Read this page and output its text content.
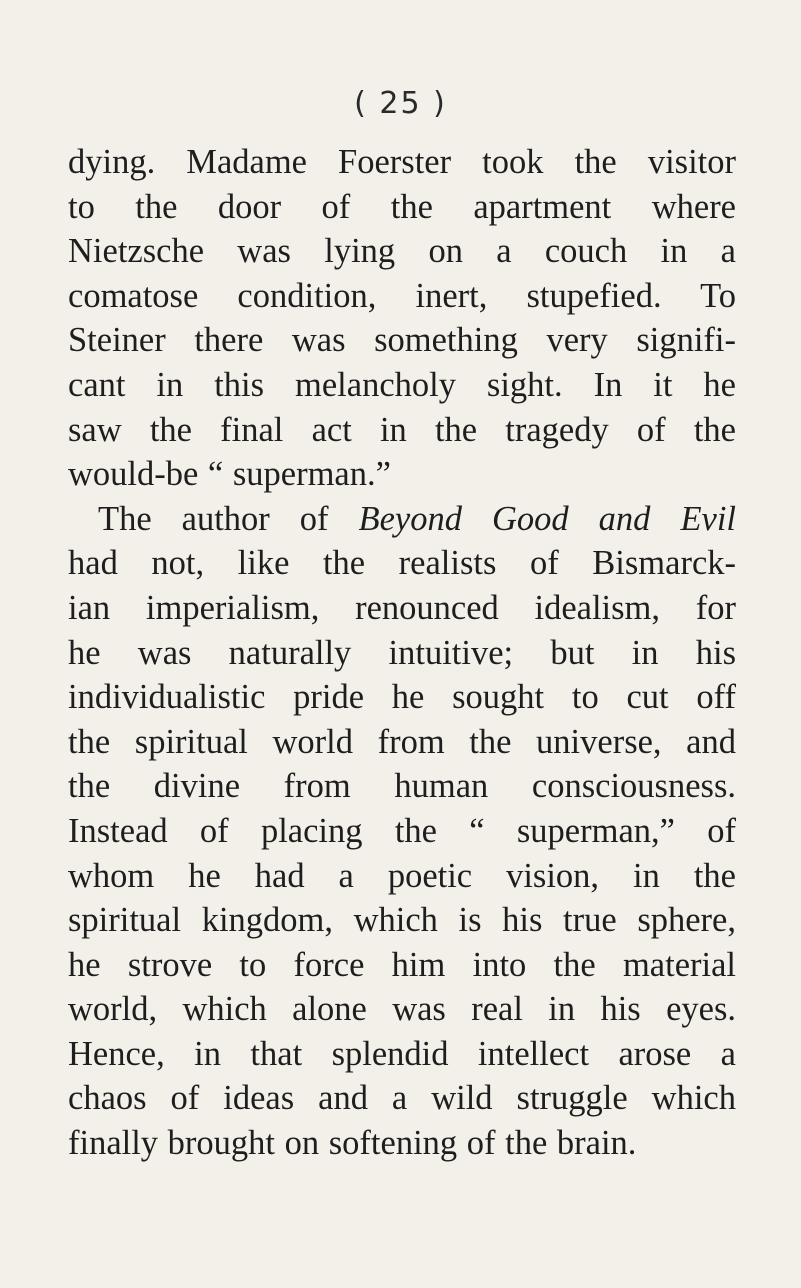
( 25 )
dying. Madame Foerster took the visitor
to the door of the apartment where
Nietzsche was lying on a couch in a
comatose condition, inert, stupefied. To
Steiner there was something very signifi-
cant in this melancholy sight. In it he
saw the final act in the tragedy of the
would-be “ superman.”
The author of Beyond Good and Evil
had not, like the realists of Bismarck-
ian imperialism, renounced idealism, for
he was naturally intuitive; but in his
individualistic pride he sought to cut off
the spiritual world from the universe, and
the divine from human consciousness.
Instead of placing the “ superman,” of
whom he had a poetic vision, in the
spiritual kingdom, which is his true sphere,
he strove to force him into the material
world, which alone was real in his eyes.
Hence, in that splendid intellect arose a
chaos of ideas and a wild struggle which
finally brought on softening of the brain.
